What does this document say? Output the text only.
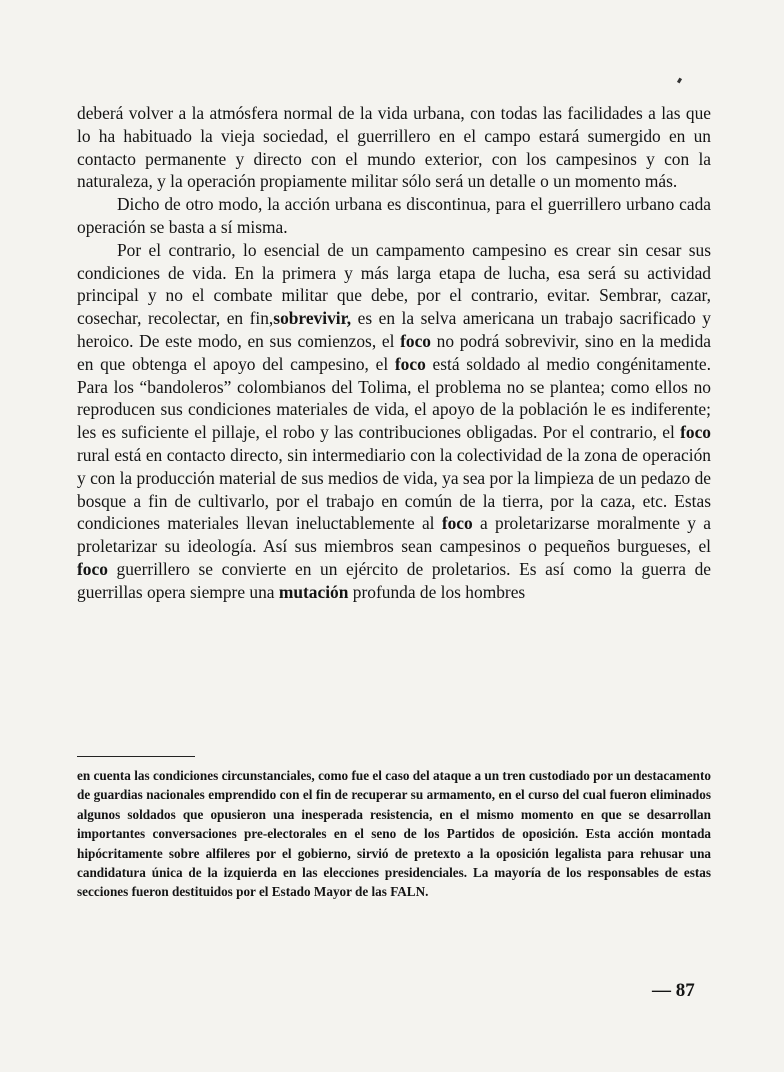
deberá volver a la atmósfera normal de la vida urbana, con todas las facilidades a las que lo ha habituado la vieja sociedad, el guerrillero en el campo estará sumergido en un contacto permanente y directo con el mundo exterior, con los campesinos y con la naturaleza, y la operación propiamente militar sólo será un detalle o un momento más.

Dicho de otro modo, la acción urbana es discontinua, para el guerrillero urbano cada operación se basta a sí misma.

Por el contrario, lo esencial de un campamento campesino es crear sin cesar sus condiciones de vida. En la primera y más larga etapa de lucha, esa será su actividad principal y no el combate militar que debe, por el contrario, evitar. Sembrar, cazar, cosechar, recolectar, en fin,sobrevivir, es en la selva americana un trabajo sacrificado y heroico. De este modo, en sus comienzos, el foco no podrá sobrevivir, sino en la medida en que obtenga el apoyo del campesino, el foco está soldado al medio congénitamente. Para los “bandoleros” colombianos del Tolima, el problema no se plantea; como ellos no reproducen sus condiciones materiales de vida, el apoyo de la población le es indiferente; les es suficiente el pillaje, el robo y las contribuciones obligadas. Por el contrario, el foco rural está en contacto directo, sin intermediario con la colectividad de la zona de operación y con la producción material de sus medios de vida, ya sea por la limpieza de un pedazo de bosque a fin de cultivarlo, por el trabajo en común de la tierra, por la caza, etc. Estas condiciones materiales llevan ineluctablemente al foco a proletarizarse moralmente y a proletarizar su ideología. Así sus miembros sean campesinos o pequeños burgueses, el foco guerrillero se convierte en un ejército de proletarios. Es así como la guerra de guerrillas opera siempre una mutación profunda de los hombres

en cuenta las condiciones circunstanciales, como fue el caso del ataque a un tren custodiado por un destacamento de guardias nacionales emprendido con el fin de recuperar su armamento, en el curso del cual fueron eliminados algunos soldados que opusieron una inesperada resistencia, en el mismo momento en que se desarrollan importantes conversaciones pre-electorales en el seno de los Partidos de oposición. Esta acción montada hipócritamente sobre alfileres por el gobierno, sirvió de pretexto a la oposición legalista para rehusar una candidatura única de la izquierda en las elecciones presidenciales. La mayoría de los responsables de estas secciones fueron destituidos por el Estado Mayor de las FALN.

— 87
